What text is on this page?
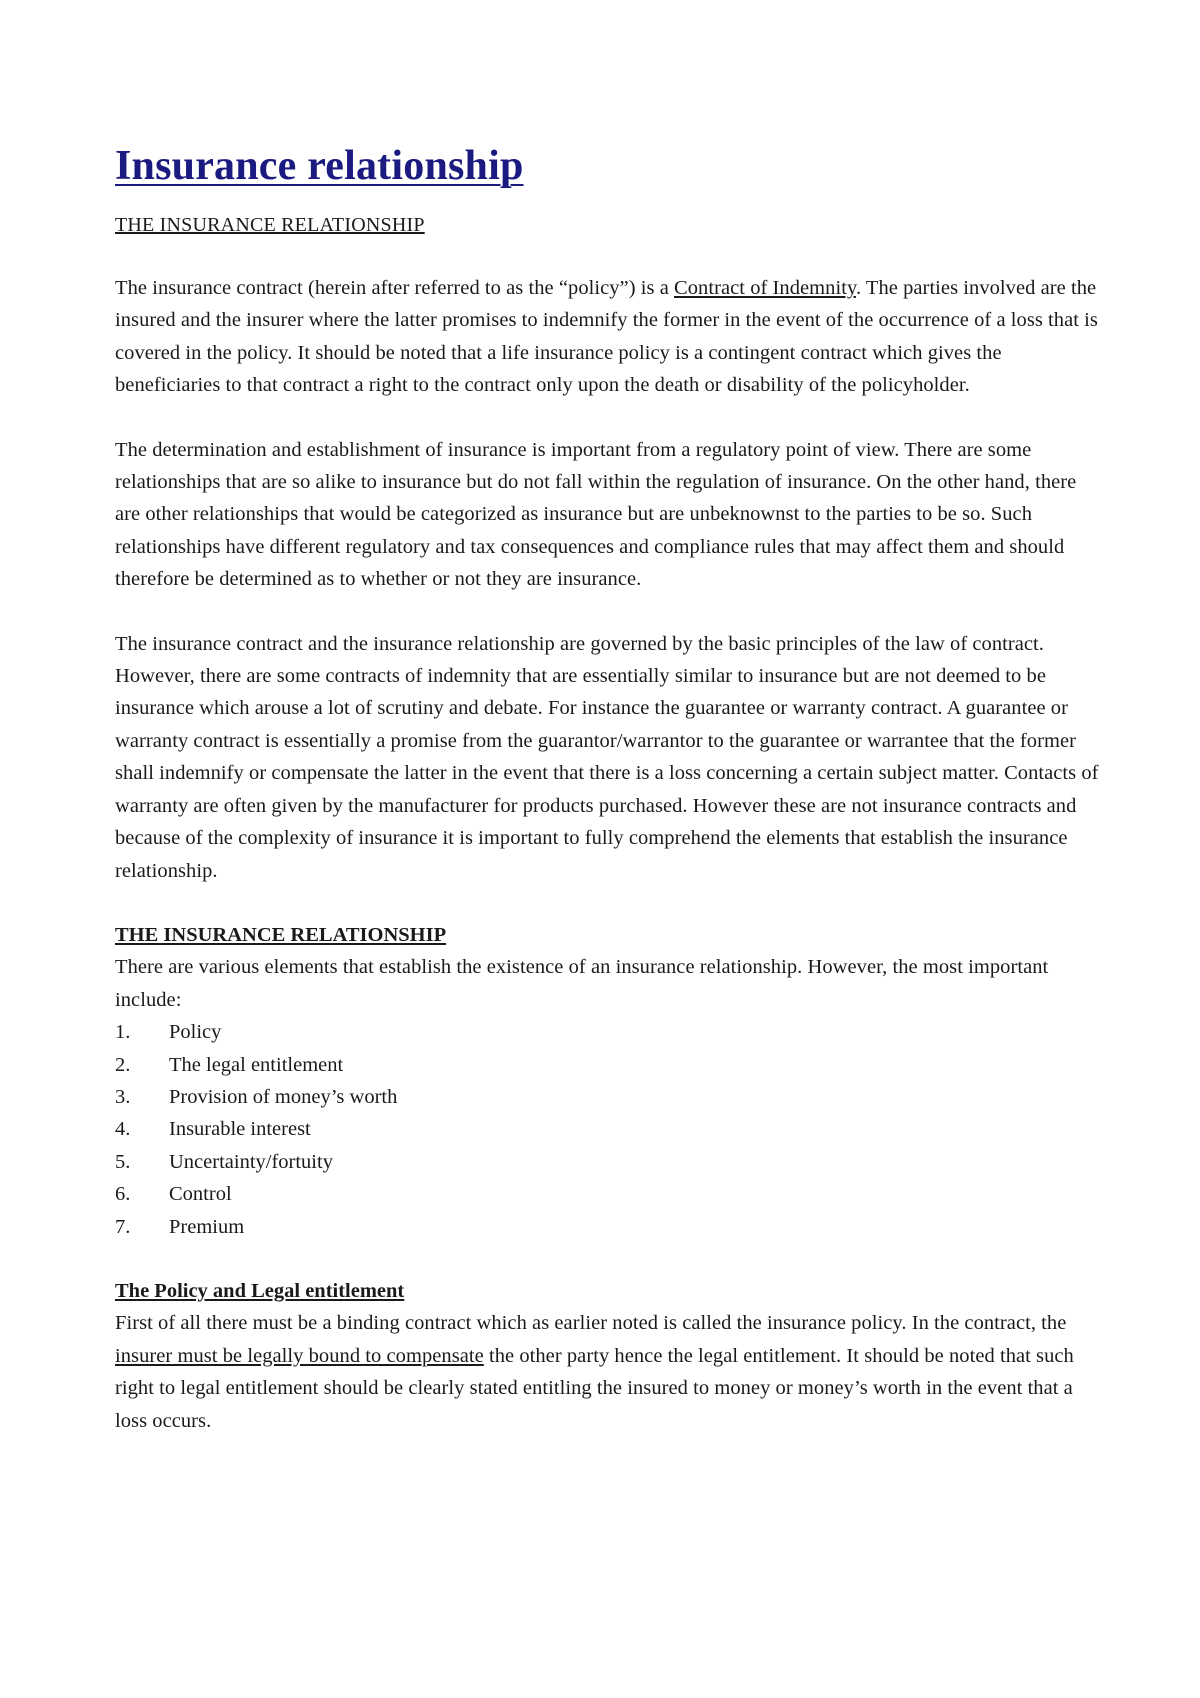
Insurance relationship

THE INSURANCE RELATIONSHIP

The insurance contract (herein after referred to as the “policy”) is a Contract of Indemnity. The parties involved are the insured and the insurer where the latter promises to indemnify the former in the event of the occurrence of a loss that is covered in the policy. It should be noted that a life insurance policy is a contingent contract which gives the beneficiaries to that contract a right to the contract only upon the death or disability of the policyholder.

The determination and establishment of insurance is important from a regulatory point of view. There are some relationships that are so alike to insurance but do not fall within the regulation of insurance. On the other hand, there are other relationships that would be categorized as insurance but are unbeknownst to the parties to be so. Such relationships have different regulatory and tax consequences and compliance rules that may affect them and should therefore be determined as to whether or not they are insurance.

The insurance contract and the insurance relationship are governed by the basic principles of the law of contract. However, there are some contracts of indemnity that are essentially similar to insurance but are not deemed to be insurance which arouse a lot of scrutiny and debate. For instance the guarantee or warranty contract. A guarantee or warranty contract is essentially a promise from the guarantor/warrantor to the guarantee or warrantee that the former shall indemnify or compensate the latter in the event that there is a loss concerning a certain subject matter. Contacts of warranty are often given by the manufacturer for products purchased. However these are not insurance contracts and because of the complexity of insurance it is important to fully comprehend the elements that establish the insurance relationship.

THE INSURANCE RELATIONSHIP

There are various elements that establish the existence of an insurance relationship. However, the most important include:

1.	Policy
2.	The legal entitlement
3.	Provision of money’s worth
4.	Insurable interest
5.	Uncertainty/fortuity
6.	Control
7.	Premium

The Policy and Legal entitlement

First of all there must be a binding contract which as earlier noted is called the insurance policy. In the contract, the insurer must be legally bound to compensate the other party hence the legal entitlement. It should be noted that such right to legal entitlement should be clearly stated entitling the insured to money or money’s worth in the event that a loss occurs.
